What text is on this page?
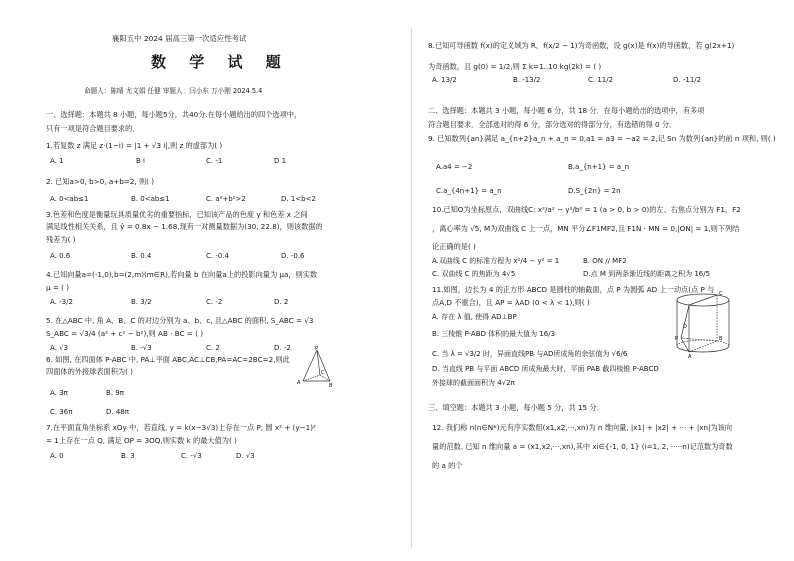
襄阳五中 2024 届高三第一次适应性考试
数 学 试 题
命题人：陈晴 尤文娟 任健 审题人：闫小东 万小刚 2024.5.4
一、选择题：本题共 8 小题，每小题5分，共40分.在每小题给出的四个选项中，
只有一项是符合题目要求的．
1.若复数 z 满足 z·(1−i) = |1 + √3 i|,则 z 的虚部为( )
A. 1	B i	C. -1	D 1
2. 已知a>0, b>0, a+b=2, 则( )
A. 0<ab≤1	B. 0<ab≤1	C. a²+b²>2	D. 1<b<2
3.色差和色度是衡量玩具质量优劣的重要指标，已知该产品的色度 y 和色差 x 之间
满足线性相关关系，且 ŷ = 0.8x − 1.68,现有一对测量数据为(30, 22.8)，则该数据的
残差为( )
A. 0.6	B. 0.4	C. -0.4	D. -0.6
4.已知向量a=(-1,0),b=(2,m)(m∈R),若向量 b 在向量a上的投影向量为 μa，则实数
μ = ( )
A. -3/2	B. 3/2	C. -2	D. 2
5. 在△ABC 中, 角 A、B、C 的对边分别为 a、b、c, 且△ABC 的面积, S_ABC = √3
S_ABC = √3/4 (a² + c² − b²),则 AB · BC = ( )
A. √3	B. -√3	C. 2	D. -2
6. 如图, 在四面体 P-ABC 中, PA⊥平面 ABC,AC⊥CB,PA=AC=2BC=2,则此
四面体的外接球表面积为( )
A. 3π	B. 9π
C. 36π	D. 48π
P
A	B
C
7.在平面直角坐标系 xOy 中，若直线, y = k(x−3√3)上存在一点 P, 圆 x² + (y−1)²
= 1上存在一点 Q, 满足 OP = 3OQ,则实数 k 的最大值为( )
A. 0	B. 3	C. -√3	D. √3
8.已知可导函数 f(x)的定义域为 R，f(x/2 − 1)为奇函数，设 g(x)是 f(x)的导函数，若 g(2x+1)
为奇函数，且 g(0) = 1/2,则 Σ k=1..10 kg(2k) = ( )
A. 13/2	B. -13/2	C. 11/2	D. -11/2
二、选择题：本题共 3 小题，每小题 6 分，共 18 分．在每小题给出的选项中，有多项
符合题目要求．全部选对的得 6 分，部分选对的得部分分，有选错的得 0 分．
9. 已知数列{an}满足 a_{n+2}a_n + a_n = 0,a1 = a3 = −a2 = 2,记 Sn 为数列{an}的前 n 项和, 则( )
A.a4 = −2	B.a_{n+1} = a_n
C.a_{4n+1} = a_n	D.S_{2n} = 2n
10.已知O为坐标原点，双曲线C: x²/a² − y²/b² = 1 (a > 0, b > 0)的左、右焦点分别为 F1，F2
，离心率为 √5, M为双曲线 C 上一点，MN 平分∠F1MF2,且 F1N · MN = 0,|ON| = 1,则下列结
论正确的是( )
A.双曲线 C 的标准方程为 x²/4 − y² = 1	B. ON // MF2
C. 双曲线 C 的焦距为 4√5	D.点 M 到两条渐近线的距离之积为 16/5
11.如图，边长为 4 的正方形 ABCD 是圆柱的轴截面，点 P 为圆弧 AD 上一动点(点 P 与
点A,D 不重合)，且 AP = λAD (0 < λ < 1),则( )
A. 存在 λ 值, 使得 AD⊥BP
B. 三棱锥 P-ABD 体积的最大值为 16/3
C. 当 λ = √3/2 时，异面直线PB 与AD所成角的余弦值为 √6/6
D. 当直线 PB 与平面 ABCD 所成角最大时，平面 PAB 截四棱锥 P-ABCD
外接球的截面面积为 4√2π
D
C
B
A
P
三、填空题：本题共 3 小题，每小题 5 分，共 15 分．
12. 我们称 n(n∈N*)元有序实数组(x1,x2,···,xn)为 n 维向量, |x1| + |x2| + ··· + |xn|为该向
量的范数. 已知 n 维向量 a = (x1,x2,···,xn),其中 xi∈{-1, 0, 1} (i=1, 2, ·····n)记范数为奇数
的 a 的个
